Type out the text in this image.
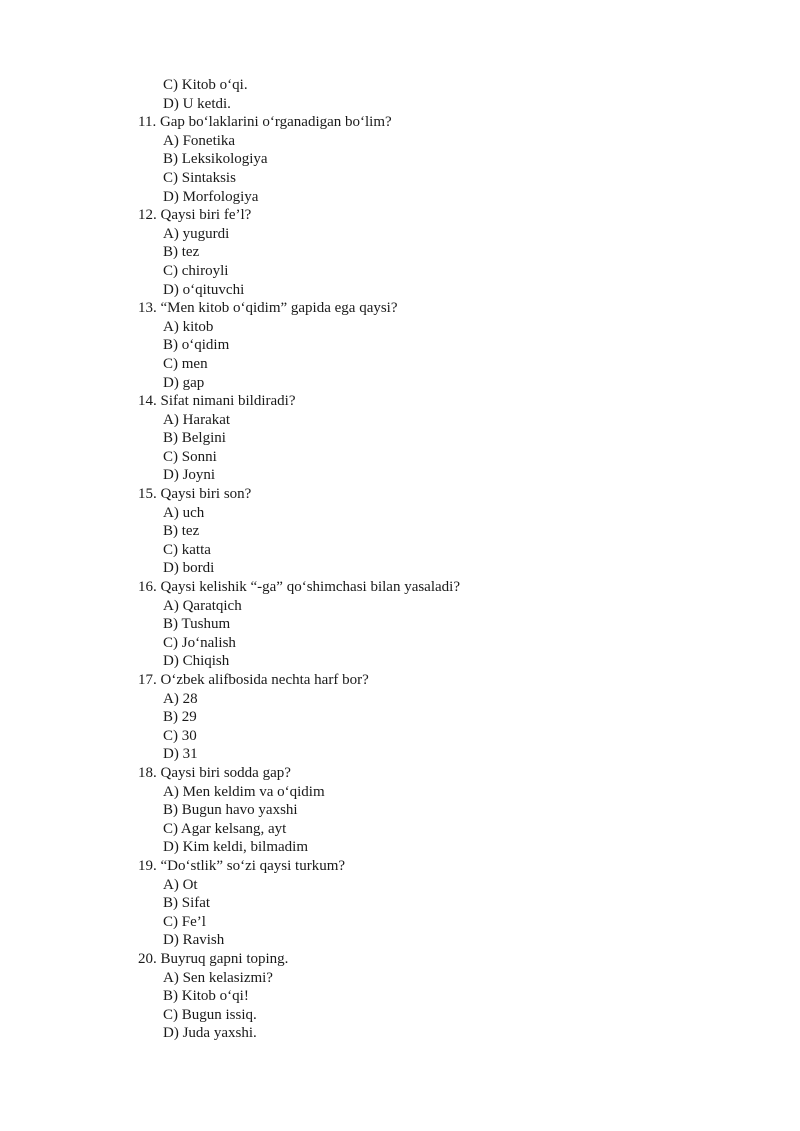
C) Kitob o‘qi.
D) U ketdi.
11. Gap bo‘laklarini o‘rganadigan bo‘lim?
A) Fonetika
B) Leksikologiya
C) Sintaksis
D) Morfologiya
12. Qaysi biri fe’l?
A) yugurdi
B) tez
C) chiroyli
D) o‘qituvchi
13. “Men kitob o‘qidim” gapida ega qaysi?
A) kitob
B) o‘qidim
C) men
D) gap
14. Sifat nimani bildiradi?
A) Harakat
B) Belgini
C) Sonni
D) Joyni
15. Qaysi biri son?
A) uch
B) tez
C) katta
D) bordi
16. Qaysi kelishik “-ga” qo‘shimchasi bilan yasaladi?
A) Qaratqich
B) Tushum
C) Jo‘nalish
D) Chiqish
17. O‘zbek alifbosida nechta harf bor?
A) 28
B) 29
C) 30
D) 31
18. Qaysi biri sodda gap?
A) Men keldim va o‘qidim
B) Bugun havo yaxshi
C) Agar kelsang, ayt
D) Kim keldi, bilmadim
19. “Do‘stlik” so‘zi qaysi turkum?
A) Ot
B) Sifat
C) Fe’l
D) Ravish
20. Buyruq gapni toping.
A) Sen kelasizmi?
B) Kitob o‘qi!
C) Bugun issiq.
D) Juda yaxshi.
